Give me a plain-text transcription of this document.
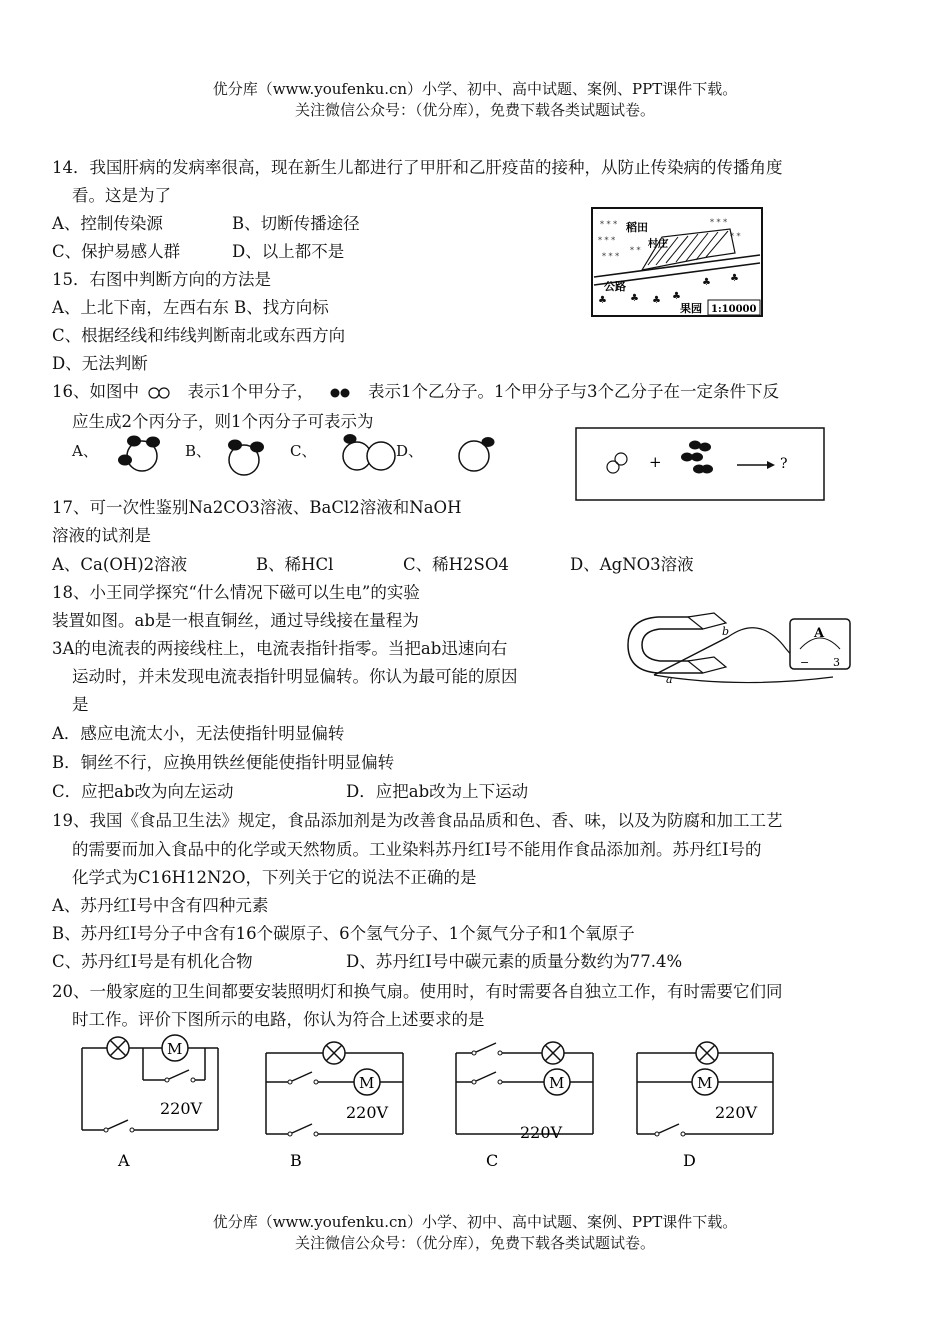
优分库（www.youfenku.cn）小学、初中、高中试题、案例、PPT课件下载。
关注微信公众号：（优分库），免费下载各类试题试卷。
14．我国肝病的发病率很高，现在新生儿都进行了甲肝和乙肝疫苗的接种，从防止传染病的传播角度
看。这是为了
A、控制传染源	B、切断传播途径
C、保护易感人群	D、以上都不是
15．右图中判断方向的方法是
A、上北下南，左西右东 B、找方向标
C、根据经线和纬线判断南北或东西方向
D、无法判断
* * *
* * *
* * *
* *
* * *
* *
稻田
村庄
公路
♣ ♣ ♣ ♣
♣ ♣
果园 1:10000
16、如图中	表示1个甲分子，	表示1个乙分子。1个甲分子与3个乙分子在一定条件下反
应生成2个丙分子，则1个丙分子可表示为
A、	B、	C、	D、
+	?
17、可一次性鉴别Na2CO3溶液、BaCl2溶液和NaOH
溶液的试剂是
A、Ca(OH)2溶液	B、稀HCl	C、稀H2SO4	D、AgNO3溶液
18、小王同学探究“什么情况下磁可以生电”的实验
装置如图。ab是一根直铜丝，通过导线接在量程为
3A的电流表的两接线柱上，电流表指针指零。当把ab迅速向右
运动时，并未发现电流表指针明显偏转。你认为最可能的原因
是
A．感应电流太小，无法使指针明显偏转
B．铜丝不行，应换用铁丝便能使指针明显偏转
C．应把ab改为向左运动	D．应把ab改为上下运动
a
b	A
− 3
19、我国《食品卫生法》规定，食品添加剂是为改善食品品质和色、香、味，以及为防腐和加工工艺
的需要而加入食品中的化学或天然物质。工业染料苏丹红Ⅰ号不能用作食品添加剂。苏丹红Ⅰ号的
化学式为C16H12N2O，下列关于它的说法不正确的是
A、苏丹红Ⅰ号中含有四种元素
B、苏丹红Ⅰ号分子中含有16个碳原子、6个氢气分子、1个氮气分子和1个氧原子
C、苏丹红Ⅰ号是有机化合物	D、苏丹红Ⅰ号中碳元素的质量分数约为77.4%
20、一般家庭的卫生间都要安装照明灯和换气扇。使用时，有时需要各自独立工作，有时需要它们同
时工作。评价下图所示的电路，你认为符合上述要求的是
M
220V
A
M
220V
B
M
220V
C
M
220V
D
优分库（www.youfenku.cn）小学、初中、高中试题、案例、PPT课件下载。
关注微信公众号：（优分库），免费下载各类试题试卷。
